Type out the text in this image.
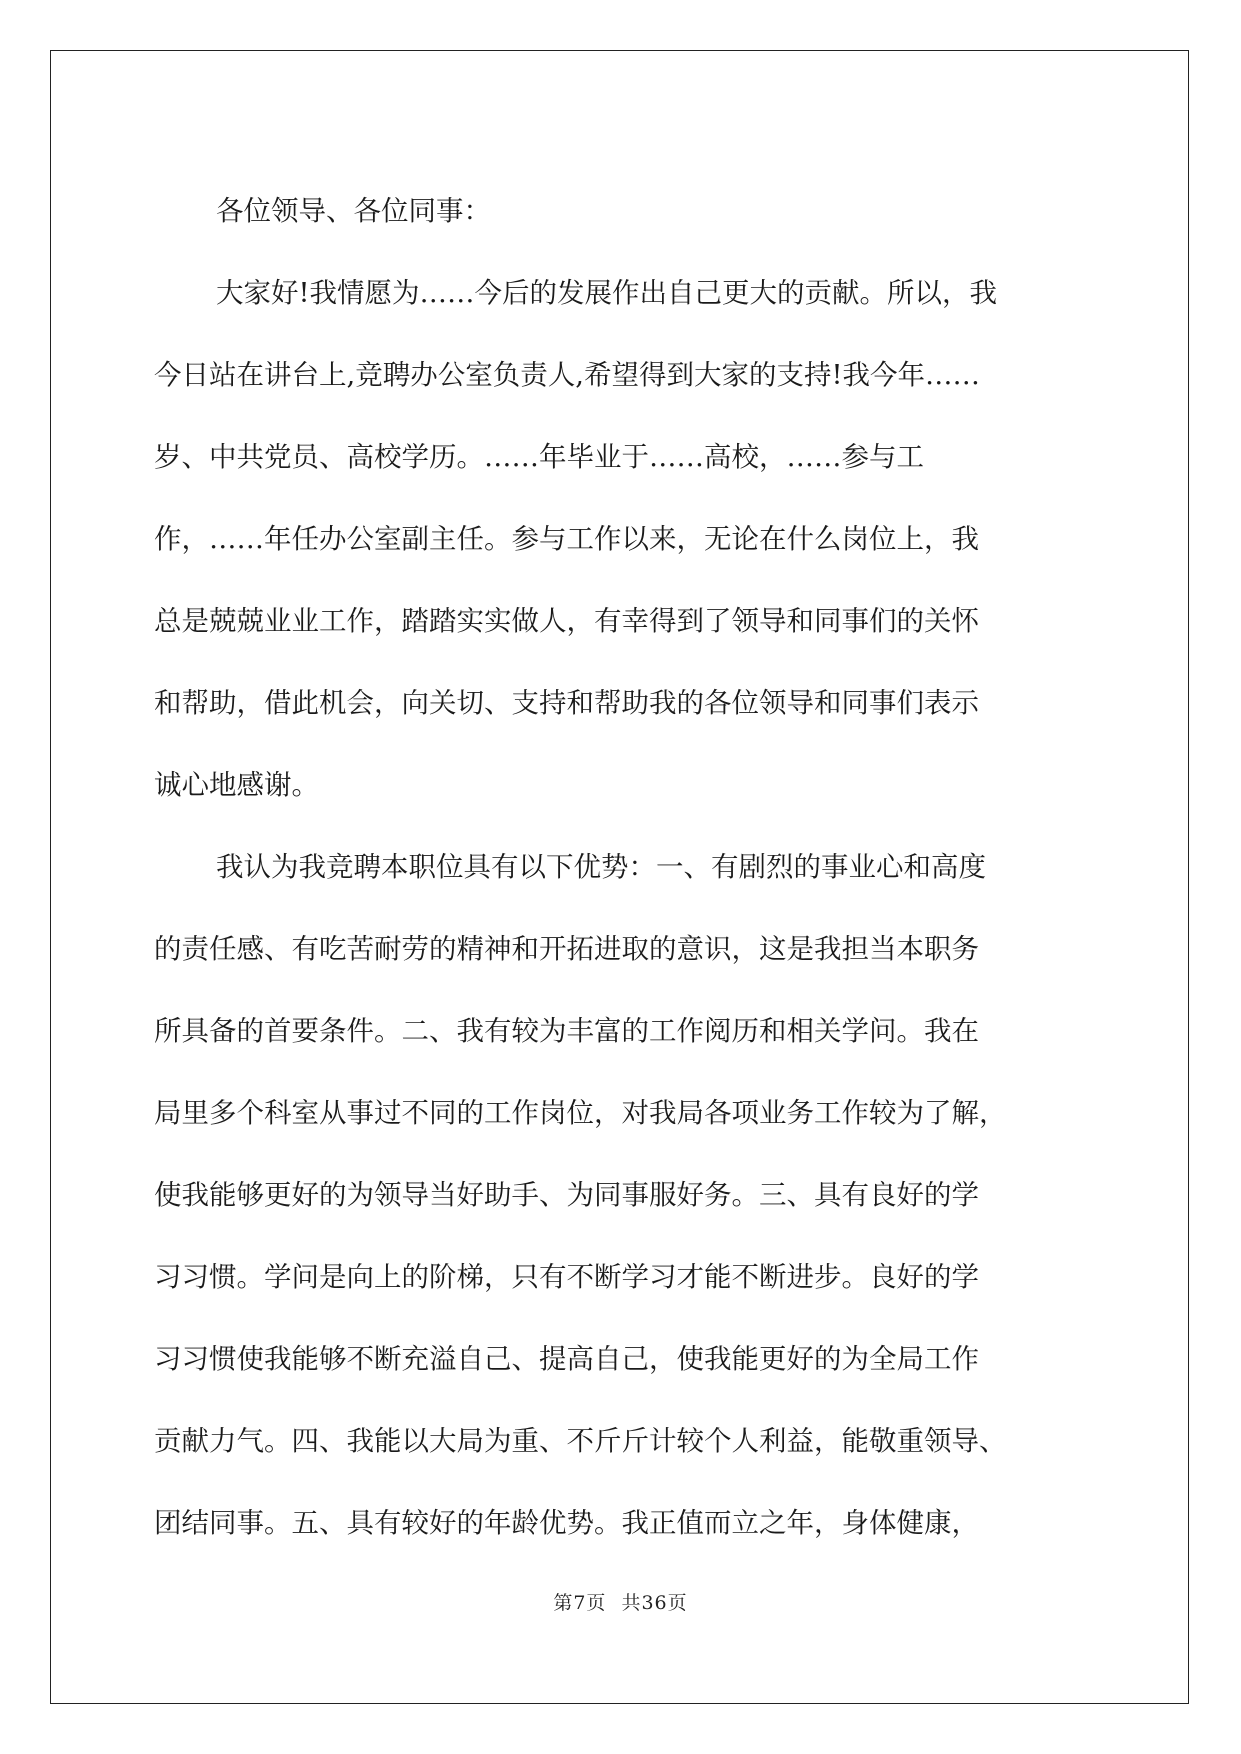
各位领导、各位同事：
大家好!我情愿为……今后的发展作出自己更大的贡献。所以，我
今日站在讲台上,竞聘办公室负责人,希望得到大家的支持!我今年……
岁、中共党员、高校学历。……年毕业于……高校，……参与工
作，……年任办公室副主任。参与工作以来，无论在什么岗位上，我
总是兢兢业业工作，踏踏实实做人，有幸得到了领导和同事们的关怀
和帮助，借此机会，向关切、支持和帮助我的各位领导和同事们表示
诚心地感谢。
我认为我竞聘本职位具有以下优势：一、有剧烈的事业心和高度
的责任感、有吃苦耐劳的精神和开拓进取的意识，这是我担当本职务
所具备的首要条件。二、我有较为丰富的工作阅历和相关学问。我在
局里多个科室从事过不同的工作岗位，对我局各项业务工作较为了解，
使我能够更好的为领导当好助手、为同事服好务。三、具有良好的学
习习惯。学问是向上的阶梯，只有不断学习才能不断进步。良好的学
习习惯使我能够不断充溢自己、提高自己，使我能更好的为全局工作
贡献力气。四、我能以大局为重、不斤斤计较个人利益，能敬重领导、
团结同事。五、具有较好的年龄优势。我正值而立之年，身体健康，
第7页 共36页
